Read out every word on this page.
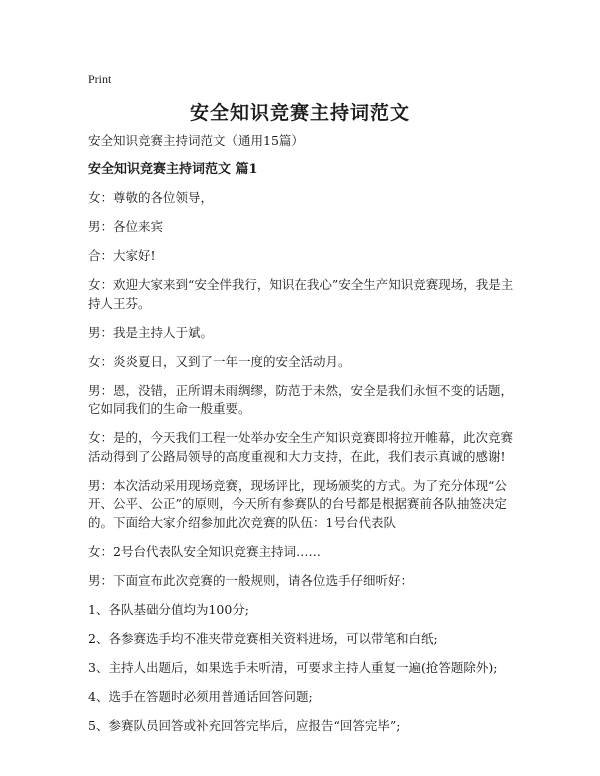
Print
安全知识竞赛主持词范文
安全知识竞赛主持词范文（通用15篇）
安全知识竞赛主持词范文 篇1

女：尊敬的各位领导，

男：各位来宾

合：大家好!

女：欢迎大家来到“安全伴我行，知识在我心”安全生产知识竞赛现场，我是主持人王芬。

男：我是主持人于斌。

女：炎炎夏日，又到了一年一度的安全活动月。

男：恩，没错，正所谓未雨绸缪，防范于未然，安全是我们永恒不变的话题，它如同我们的生命一般重要。

女：是的，今天我们工程一处举办安全生产知识竞赛即将拉开帷幕，此次竞赛活动得到了公路局领导的高度重视和大力支持，在此，我们表示真诚的感谢!

男：本次活动采用现场竞赛，现场评比，现场颁奖的方式。为了充分体现“公开、公平、公正”的原则，今天所有参赛队的台号都是根据赛前各队抽签决定的。下面给大家介绍参加此次竞赛的队伍：1号台代表队

女：2号台代表队安全知识竞赛主持词……

男：下面宣布此次竞赛的一般规则，请各位选手仔细听好：

1、各队基础分值均为100分;

2、各参赛选手均不准夹带竞赛相关资料进场，可以带笔和白纸;

3、主持人出题后，如果选手未听清，可要求主持人重复一遍(抢答题除外);

4、选手在答题时必须用普通话回答问题;

5、参赛队员回答或补充回答完毕后，应报告“回答完毕”;
